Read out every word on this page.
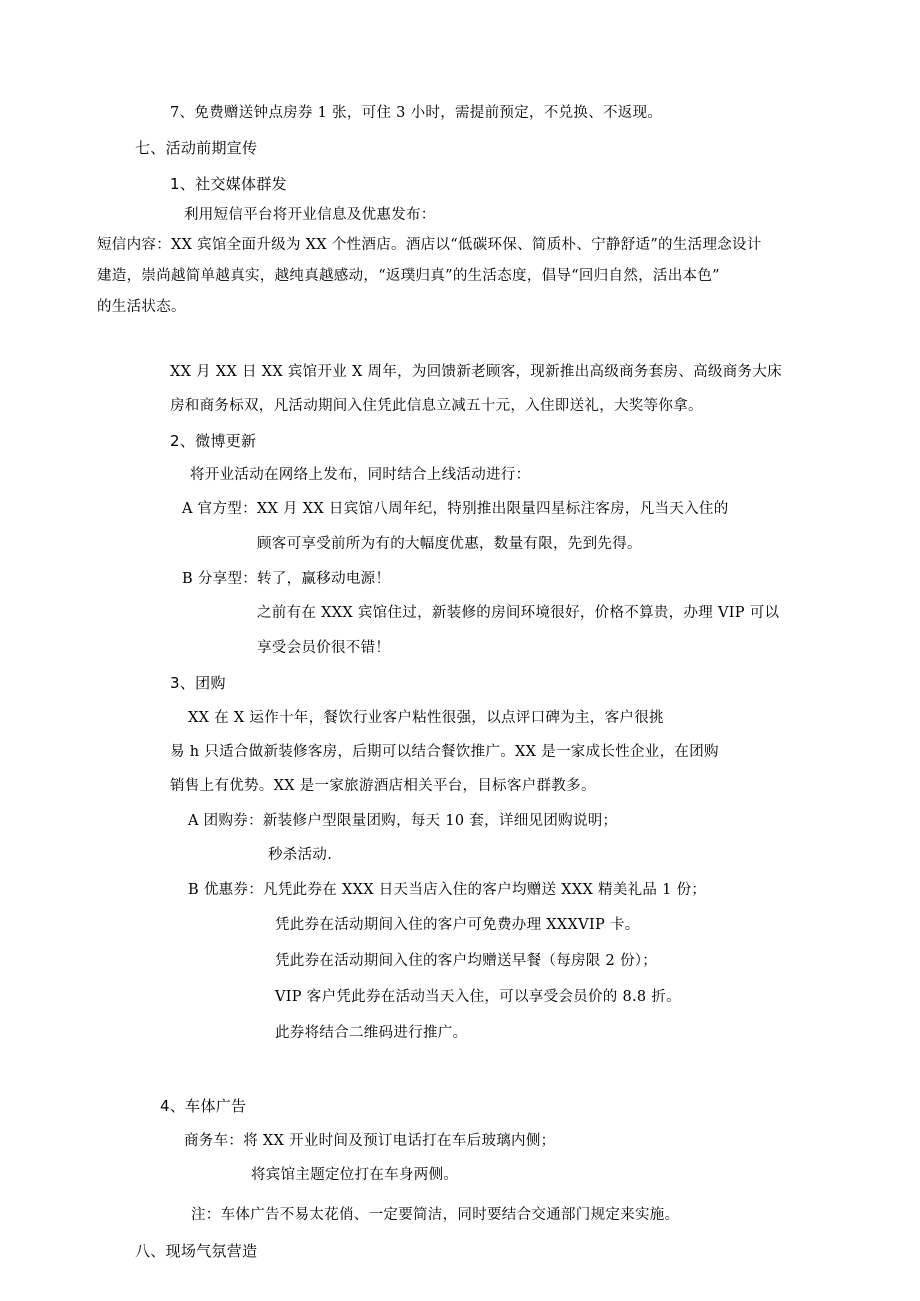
7、免费赠送钟点房券 1 张，可住 3 小时，需提前预定，不兑换、不返现。
七、活动前期宣传
1、社交媒体群发
利用短信平台将开业信息及优惠发布：
短信内容：XX 宾馆全面升级为 XX 个性酒店。酒店以“低碳环保、简质朴、宁静舒适”的生活理念设计
建造，崇尚越简单越真实，越纯真越感动，“返璞归真”的生活态度，倡导“回归自然，活出本色”
的生活状态。
XX 月 XX 日 XX 宾馆开业 X 周年，为回馈新老顾客，现新推出高级商务套房、高级商务大床
房和商务标双，凡活动期间入住凭此信息立减五十元，入住即送礼，大奖等你拿。
2、微博更新
将开业活动在网络上发布，同时结合上线活动进行：
A 官方型：XX 月 XX 日宾馆八周年纪，特别推出限量四星标注客房，凡当天入住的
顾客可享受前所为有的大幅度优惠，数量有限，先到先得。
B 分享型：转了，赢移动电源！
之前有在 XXX 宾馆住过，新装修的房间环境很好，价格不算贵，办理 VIP 可以
享受会员价很不错！
3、团购
XX 在 X 运作十年，餐饮行业客户粘性很强，以点评口碑为主，客户很挑
易 h 只适合做新装修客房，后期可以结合餐饮推广。XX 是一家成长性企业，在团购
销售上有优势。XX 是一家旅游酒店相关平台，目标客户群教多。
A 团购券：新装修户型限量团购，每天 10 套，详细见团购说明；
秒杀活动.
B 优惠券：凡凭此券在 XXX 日天当店入住的客户均赠送 XXX 精美礼品 1 份；
凭此券在活动期间入住的客户可免费办理 XXXVIP 卡。
凭此券在活动期间入住的客户均赠送早餐（每房限 2 份）；
VIP 客户凭此券在活动当天入住，可以享受会员价的 8.8 折。
此券将结合二维码进行推广。
4、车体广告
商务车：将 XX 开业时间及预订电话打在车后玻璃内侧；
将宾馆主题定位打在车身两侧。
注：车体广告不易太花俏、一定要简洁，同时要结合交通部门规定来实施。
八、现场气氛营造
